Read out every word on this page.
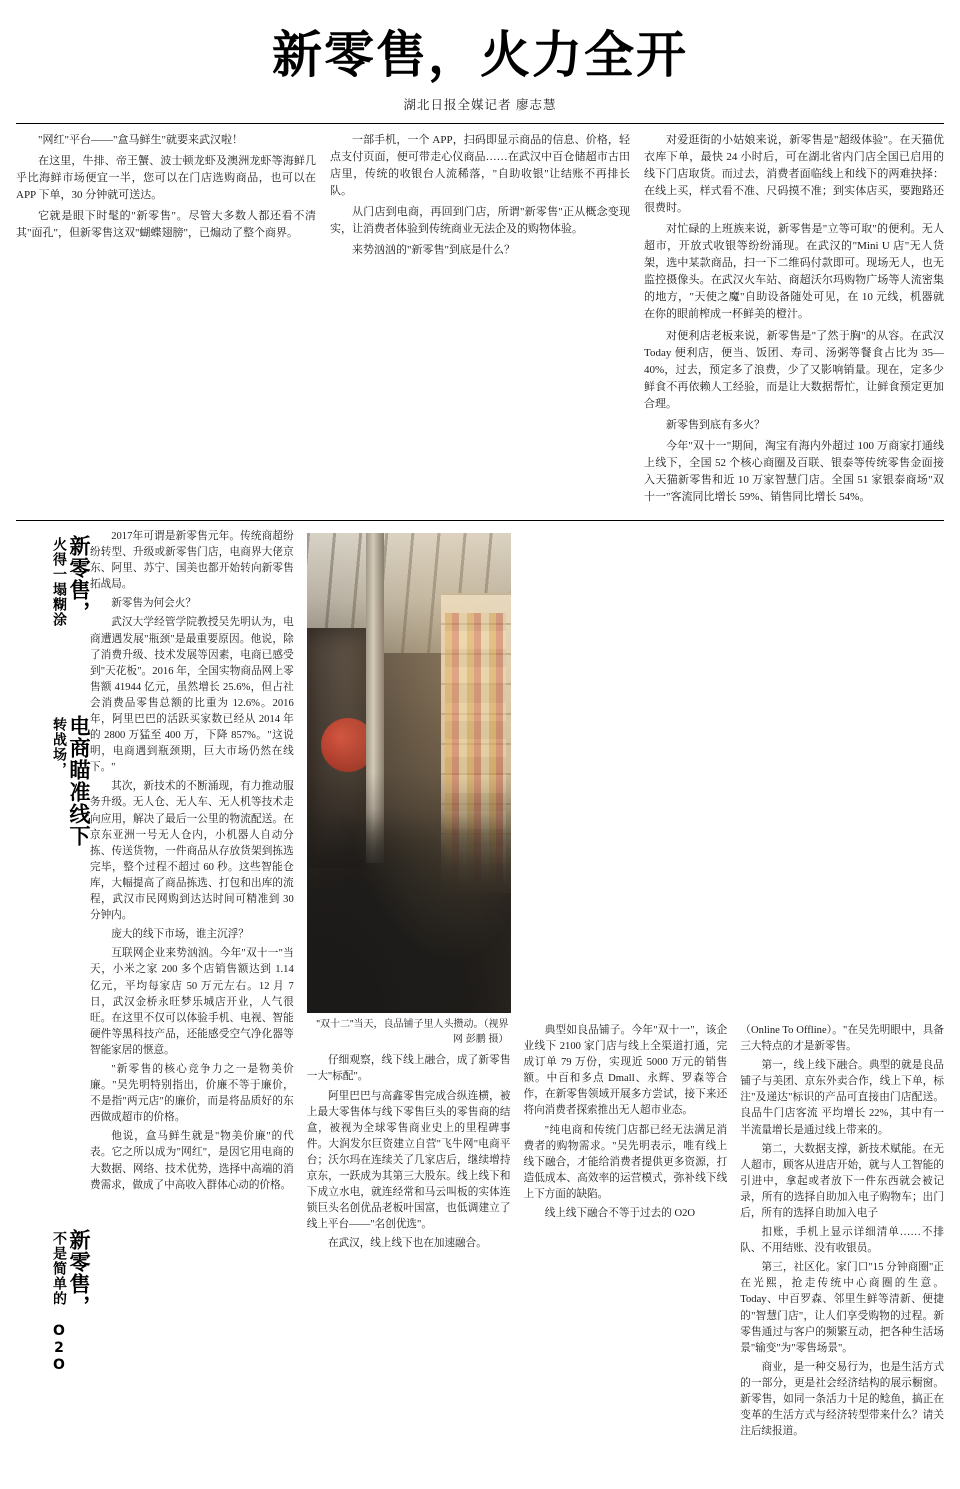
新零售，火力全开
湖北日报全媒记者 廖志慧

"网红"平台——"盒马鲜生"就要来武汉啦！

在这里，牛排、帝王蟹、波士顿龙虾及澳洲龙虾等海鲜几乎比海鲜市场便宜一半，您可以在门店选购商品，也可以在 APP 下单，30 分钟就可送达。

它就是眼下时髦的"新零售"。尽管大多数人都还看不清其"面孔"，但新零售这双"蝴蝶翅膀"，已煽动了整个商界。

一部手机，一个 APP，扫码即显示商品的信息、价格，轻点支付页面，便可带走心仪商品……在武汉中百仓储超市古田店里，传统的收银台人流稀落，"自助收银"让结账不再排长队。

从门店到电商，再回到门店，所谓"新零售"正从概念变现实，让消费者体验到传统商业无法企及的购物体验。

来势汹汹的"新零售"到底是什么？

对爱逛街的小姑娘来说，新零售是"超级体验"。在天猫优衣库下单，最快 24 小时后，可在湖北省内门店全国已启用的线下门店取货。而过去，消费者面临线上和线下的两难抉择：在线上买，样式看不准、尺码摸不准；到实体店买，要跑路还很费时。

对忙碌的上班族来说，新零售是"立等可取"的便利。无人超市，开放式收银等纷纷涌现。在武汉的"Mini U 店"无人货架，选中某款商品，扫一下二维码付款即可。现场无人，也无监控摄像头。在武汉火车站、商超沃尔玛购物广场等人流密集的地方，"天使之魔"自助设备随处可见，在 10 元线，机器就在你的眼前榨成一杯鲜美的橙汁。

对便利店老板来说，新零售是"了然于胸"的从容。在武汉 Today 便利店，便当、饭团、寿司、汤粥等餐食占比为 35—40%，过去，预定多了浪费，少了又影响销量。现在，定多少鲜食不再依赖人工经验，而是让大数据帮忙，让鲜食预定更加合理。

新零售到底有多火？

今年"双十一"期间，淘宝有海内外超过 100 万商家打通线上线下，全国 52 个核心商圈及百联、银泰等传统零售金面接入天猫新零售和近 10 万家智慧门店。全国 51 家银泰商场"双十一"客流同比增长 59%、销售同比增长 54%。

新零售，
火得一塌糊涂
电商瞄准线下
转战场，
新零售，
不是简单的 O2O

2017年可谓是新零售元年。传统商超纷纷转型、升级或新零售门店，电商界大佬京东、阿里、苏宁、国美也都开始转向新零售拓战局。

新零售为何会火？

武汉大学经管学院教授吴先明认为，电商遭遇发展"瓶颈"是最重要原因。他说，除了消费升级、技术发展等因素，电商已感受到"天花板"。2016 年，全国实物商品网上零售额 41944 亿元，虽然增长 25.6%，但占社会消费品零售总额的比重为 12.6%。2016 年，阿里巴巴的活跃买家数已经从 2014 年的 2800 万猛至 400 万，下降 857%。"这说明，电商遇到瓶颈期，巨大市场仍然在线下。"

其次，新技术的不断涌现，有力推动服务升级。无人仓、无人车、无人机等技术走向应用，解决了最后一公里的物流配送。在京东亚洲一号无人仓内，小机器人自动分拣、传送货物，一件商品从存放货架到拣选完毕，整个过程不超过 60 秒。这些智能仓库，大幅提高了商品拣选、打包和出库的流程，武汉市民网购到达达时间可精准到 30 分钟内。

庞大的线下市场，谁主沉浮？

互联网企业来势汹汹。今年"双十一"当天，小米之家 200 多个店销售额达到 1.14 亿元，平均每家店 50 万元左右。12 月 7 日，武汉金桥永旺梦乐城店开业，人气很旺。在这里不仅可以体验手机、电视、智能硬件等黑科技产品，还能感受空气净化器等智能家居的惬意。

"新零售的核心竞争力之一是物美价廉。"吴先明特别指出，价廉不等于廉价，不是指"两元店"的廉价，而是将品质好的东西做成超市的价格。

他说，盒马鲜生就是"物美价廉"的代表。它之所以成为"网红"，是因它用电商的大数据、网络、技术优势，选择中高端的消费需求，做成了中高收入群体心动的价格。

"双十二"当天，良品铺子里人头攒动。（视界网 彭鹏 摄）

仔细观察，线下线上融合，成了新零售一大"标配"。

阿里巴巴与高鑫零售完成合纵连横，被上最大零售体与线下零售巨头的零售商的结盒，被视为全球零售商业史上的里程碑事件。大润发尔巨资建立自营"飞牛网"电商平台；沃尔玛在连续关了几家店后，继续增持京东，一跃成为其第三大股东。线上线下和下成立水电，就连经常和马云叫板的实体连锁巨头名创优品老板叶国富，也低调建立了线上平台——"名创优选"。

在武汉，线上线下也在加速融合。

典型如良品铺子。今年"双十一"，该企业线下 2100 家门店与线上全渠道打通，完成订单 79 万份，实现近 5000 万元的销售额。中百和多点 Dmall、永辉、罗森等合作，在新零售领域开展多方尝试，接下来还将向消费者探索推出无人超市业态。

"纯电商和传统门店都已经无法满足消费者的购物需求。"吴先明表示，唯有线上线下融合，才能给消费者提供更多资源，打造低成本、高效率的运营模式，弥补线下线上下方面的缺陷。

线上线下融合不等于过去的 O2O

（Online To Offline）。"在吴先明眼中，具备三大特点的才是新零售。

第一，线上线下融合。典型的就是良品铺子与美团、京东外卖合作，线上下单，标注"及递达"标识的产品可直接由门店配送。良品牛门店客流 平均增长 22%，其中有一半流量增长是通过线上带来的。

第二，大数据支撑，新技术赋能。在无人超市，顾客从进店开始，就与人工智能的引进中，拿起或者放下一件东西就会被记录，所有的选择自助加入电子购物车；出门后，所有的选择自助加入电子

扣账，手机上显示详细清单……不排队、不用结账、没有收银员。

第三，社区化。家门口"15 分钟商圈"正在光熙，抢走传统中心商圈的生意。Today、中百罗森、邻里生鲜等清新、便捷的"智慧门店"，让人们享受购物的过程。新零售通过与客户的频繁互动，把各种生活场景"输变"为"零售场景"。

商业，是一种交易行为，也是生活方式的一部分，更是社会经济结构的展示橱窗。新零售，如同一条活力十足的鲶鱼，搞正在变革的生活方式与经济转型带来什么？请关注后续报道。
